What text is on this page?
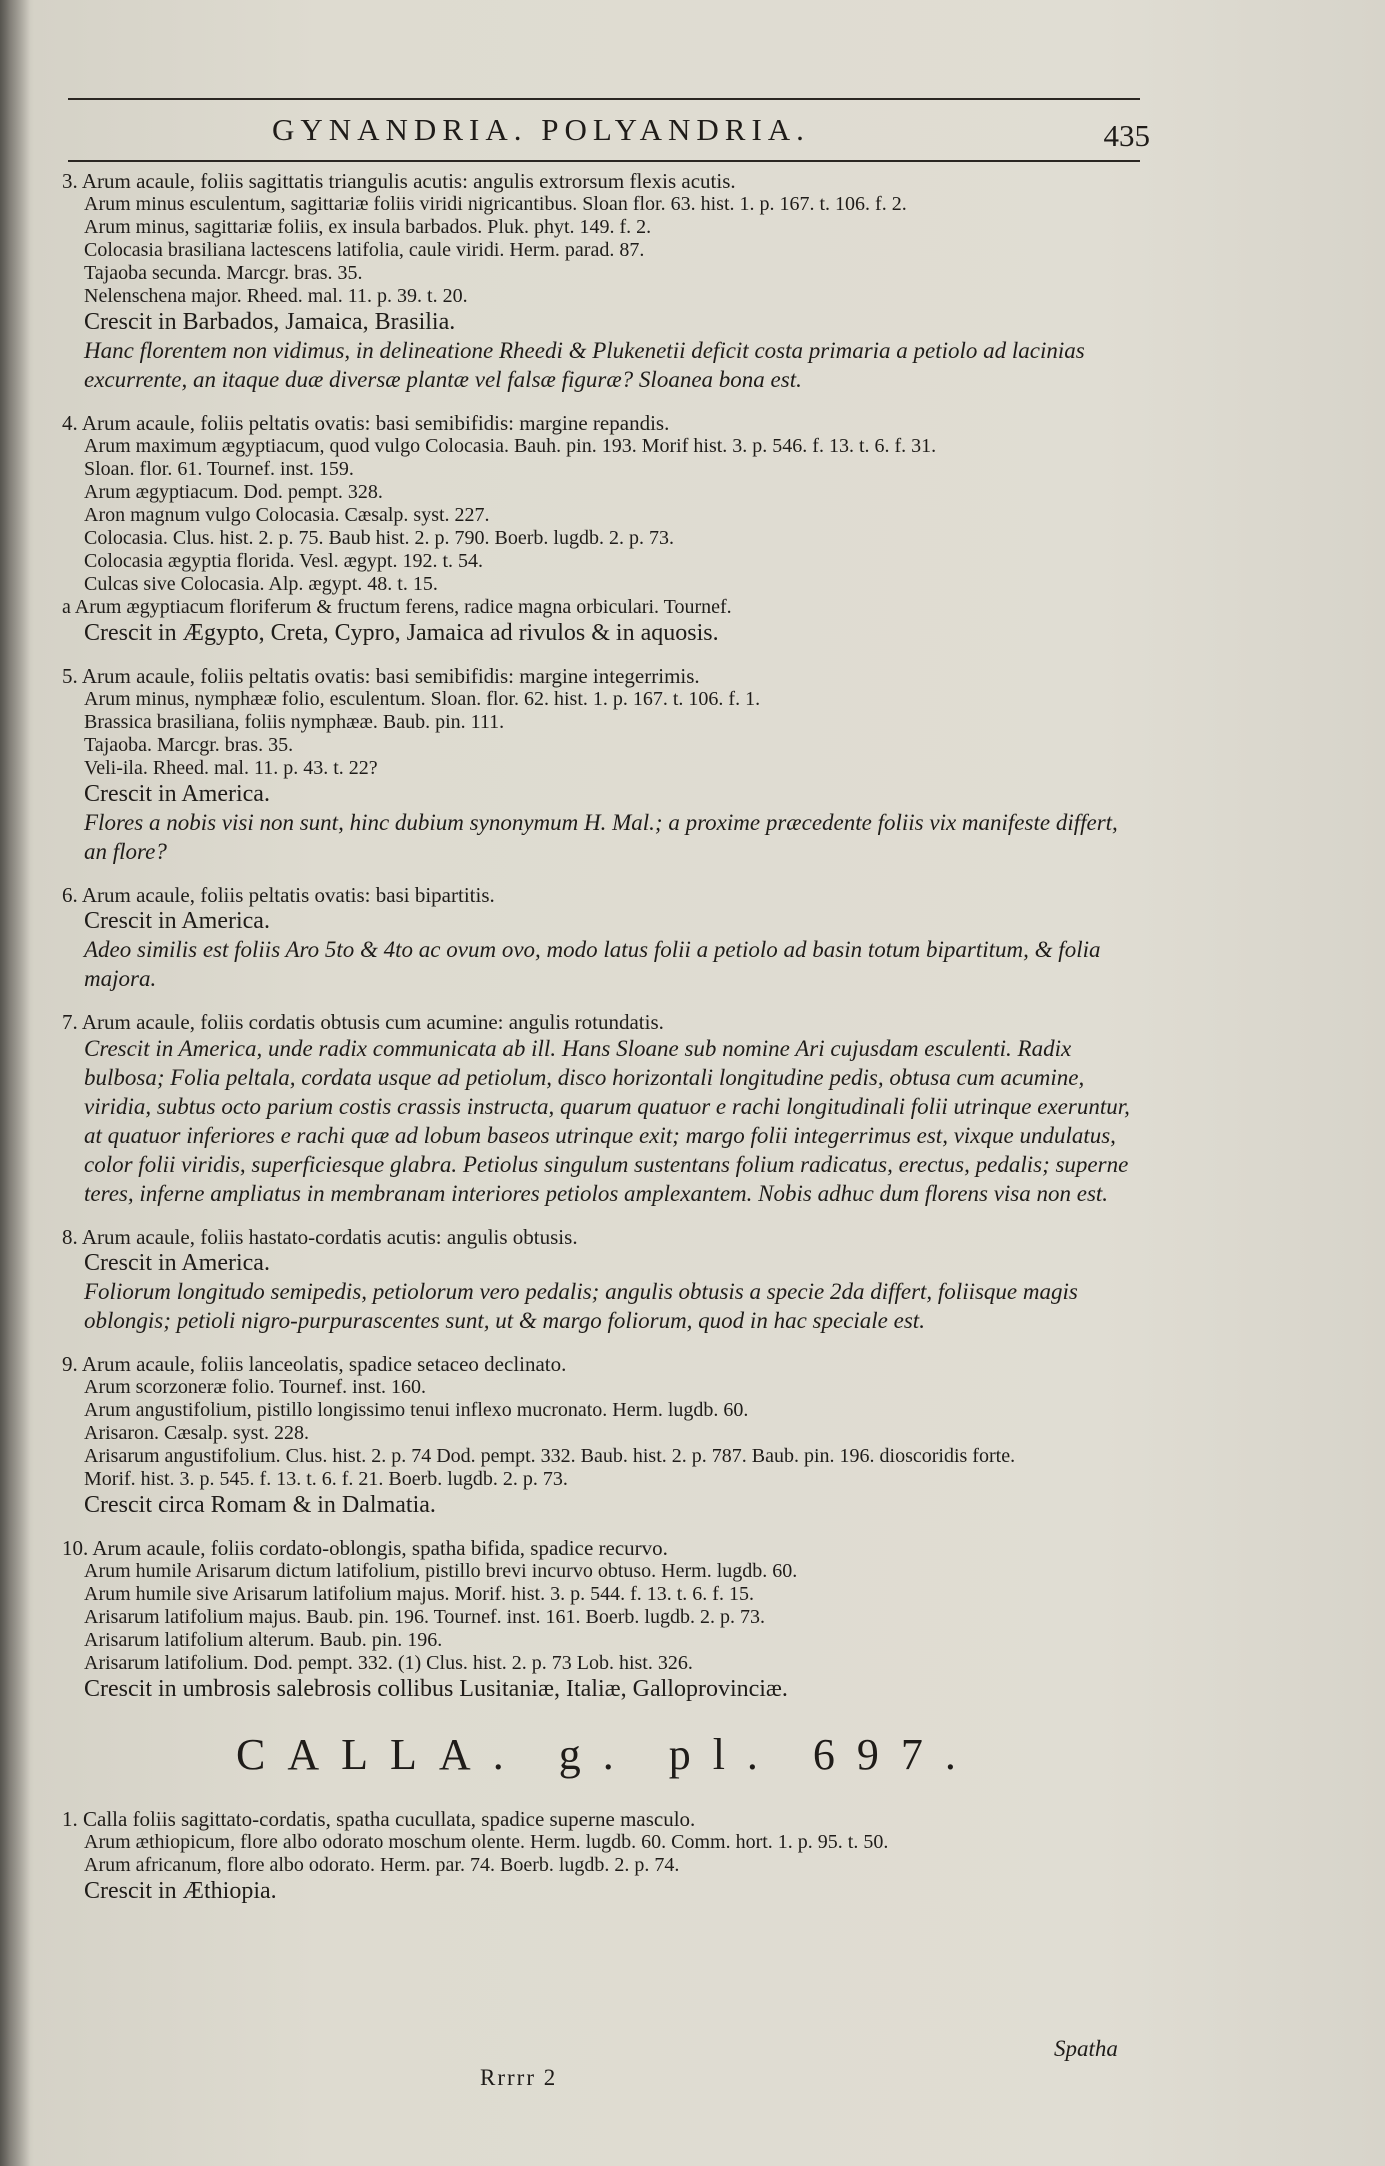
GYNANDRIA. POLYANDRIA.	435
3. Arum acaule, foliis sagittatis triangulis acutis: angulis extrorsum flexis acutis.
Arum minus esculentum, sagittariæ foliis viridi nigricantibus. Sloan flor. 63. hist. 1. p. 167. t. 106. f. 2.
Arum minus, sagittariæ foliis, ex insula barbados. Pluk. phyt. 149. f. 2.
Colocasia brasiliana lactescens latifolia, caule viridi. Herm. parad. 87.
Tajaoba secunda. Marcgr. bras. 35.
Nelenschena major. Rheed. mal. 11. p. 39. t. 20.
Crescit in Barbados, Jamaica, Brasilia.
Hanc florentem non vidimus, in delineatione Rheedi & Plukenetii deficit costa primaria a petiolo ad lacinias excurrente, an itaque duæ diversæ plantæ vel falsæ figuræ? Sloanea bona est.
4. Arum acaule, foliis peltatis ovatis: basi semibifidis: margine repandis.
Arum maximum ægyptiacum, quod vulgo Colocasia. Bauh. pin. 193. Morif hist. 3. p. 546. f. 13. t. 6. f. 31.
Sloan. flor. 61. Tournef. inst. 159.
Arum ægyptiacum. Dod. pempt. 328.
Aron magnum vulgo Colocasia. Cæsalp. syst. 227.
Colocasia. Clus. hist. 2. p. 75. Baub hist. 2. p. 790. Boerb. lugdb. 2. p. 73.
Colocasia ægyptia florida. Vesl. ægypt. 192. t. 54.
Culcas sive Colocasia. Alp. ægypt. 48. t. 15.
a Arum ægyptiacum floriferum & fructum ferens, radice magna orbiculari. Tournef.
Crescit in Ægypto, Creta, Cypro, Jamaica ad rivulos & in aquosis.
5. Arum acaule, foliis peltatis ovatis: basi semibifidis: margine integerrimis.
Arum minus, nymphææ folio, esculentum. Sloan. flor. 62. hist. 1. p. 167. t. 106. f. 1.
Brassica brasiliana, foliis nymphææ. Baub. pin. 111.
Tajaoba. Marcgr. bras. 35.
Veli-ila. Rheed. mal. 11. p. 43. t. 22?
Crescit in America.
Flores a nobis visi non sunt, hinc dubium synonymum H. Mal.; a proxime præcedente foliis vix manifeste differt, an flore?
6. Arum acaule, foliis peltatis ovatis: basi bipartitis.
Crescit in America.
Adeo similis est foliis Aro 5to & 4to ac ovum ovo, modo latus folii a petiolo ad basin totum bipartitum, & folia majora.
7. Arum acaule, foliis cordatis obtusis cum acumine: angulis rotundatis.
Crescit in America, unde radix communicata ab ill. Hans Sloane sub nomine Ari cujusdam esculenti. Radix bulbosa; Folia peltala, cordata usque ad petiolum, disco horizontali longitudine pedis, obtusa cum acumine, viridia, subtus octo parium costis crassis instructa, quarum quatuor e rachi longitudinali folii utrinque exeruntur, at quatuor inferiores e rachi quæ ad lobum baseos utrinque exit; margo folii integerrimus est, vixque undulatus, color folii viridis, superficiesque glabra. Petiolus singulum sustentans folium radicatus, erectus, pedalis; superne teres, inferne ampliatus in membranam interiores petiolos amplexantem. Nobis adhuc dum florens visa non est.
8. Arum acaule, foliis hastato-cordatis acutis: angulis obtusis.
Crescit in America.
Foliorum longitudo semipedis, petiolorum vero pedalis; angulis obtusis a specie 2da differt, foliisque magis oblongis; petioli nigro-purpurascentes sunt, ut & margo foliorum, quod in hac speciale est.
9. Arum acaule, foliis lanceolatis, spadice setaceo declinato.
Arum scorzoneræ folio. Tournef. inst. 160.
Arum angustifolium, pistillo longissimo tenui inflexo mucronato. Herm. lugdb. 60.
Arisaron. Cæsalp. syst. 228.
Arisarum angustifolium. Clus. hist. 2. p. 74 Dod. pempt. 332. Baub. hist. 2. p. 787. Baub. pin. 196. dioscoridis forte.
Morif. hist. 3. p. 545. f. 13. t. 6. f. 21. Boerb. lugdb. 2. p. 73.
Crescit circa Romam & in Dalmatia.
10. Arum acaule, foliis cordato-oblongis, spatha bifida, spadice recurvo.
Arum humile Arisarum dictum latifolium, pistillo brevi incurvo obtuso. Herm. lugdb. 60.
Arum humile sive Arisarum latifolium majus. Morif. hist. 3. p. 544. f. 13. t. 6. f. 15.
Arisarum latifolium majus. Baub. pin. 196. Tournef. inst. 161. Boerb. lugdb. 2. p. 73.
Arisarum latifolium alterum. Baub. pin. 196.
Arisarum latifolium. Dod. pempt. 332. (1) Clus. hist. 2. p. 73 Lob. hist. 326.
Crescit in umbrosis salebrosis collibus Lusitaniæ, Italiæ, Galloprovinciæ.
CALLA. g. pl. 697.
1. Calla foliis sagittato-cordatis, spatha cucullata, spadice superne masculo.
Arum æthiopicum, flore albo odorato moschum olente. Herm. lugdb. 60. Comm. hort. 1. p. 95. t. 50.
Arum africanum, flore albo odorato. Herm. par. 74. Boerb. lugdb. 2. p. 74.
Crescit in Æthiopia.
Spatha
Rrrrr 2
